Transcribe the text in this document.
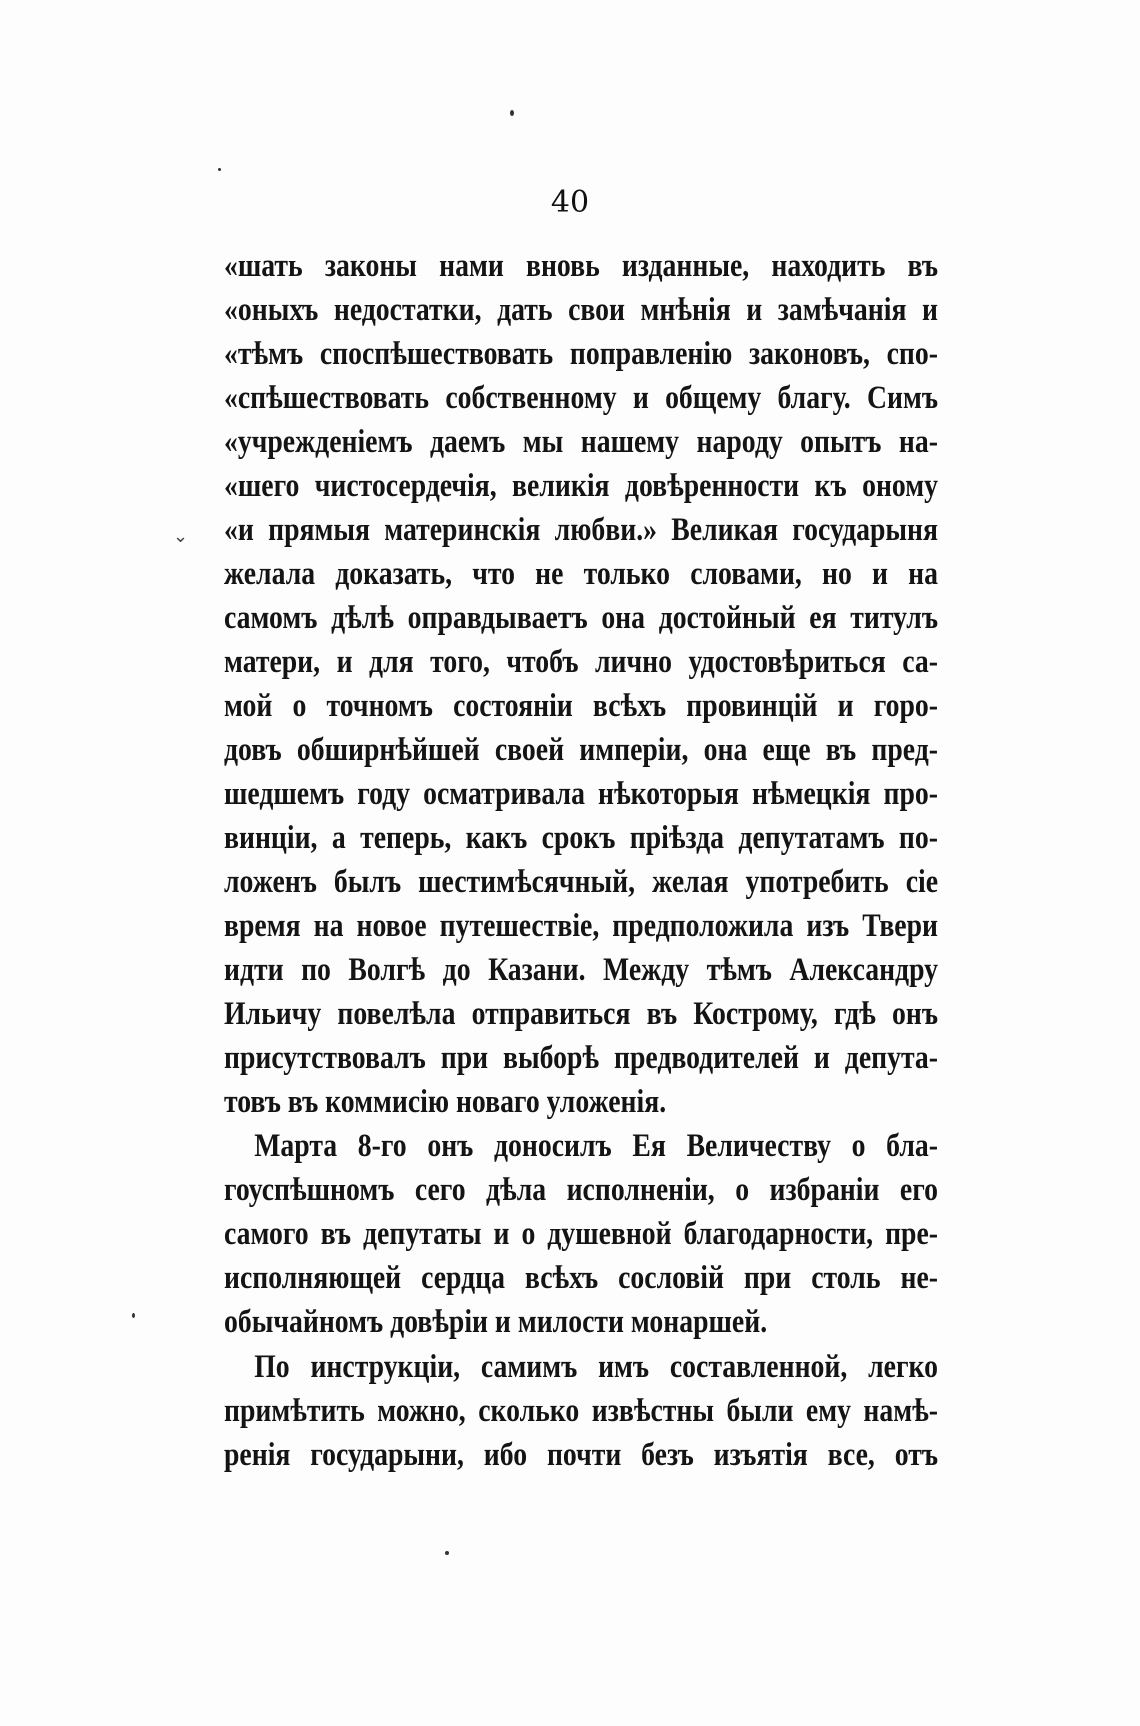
⌄
40
«шать законы нами вновь изданные, находить въ
«оныхъ недостатки, дать свои мнѣнія и замѣчанія и
«тѣмъ споспѣшествовать поправленію законовъ, спо-
«спѣшествовать собственному и общему благу. Симъ
«учрежденіемъ даемъ мы нашему народу опытъ на-
«шего чистосердечія, великія довѣренности къ оному
«и прямыя материнскія любви.» Великая государыня
желала доказать, что не только словами, но и на
самомъ дѣлѣ оправдываетъ она достойный ея титулъ
матери, и для того, чтобъ лично удостовѣриться са-
мой о точномъ состояніи всѣхъ провинцій и горо-
довъ обширнѣйшей своей имперіи, она еще въ пред-
шедшемъ году осматривала нѣкоторыя нѣмецкія про-
винціи, а теперь, какъ срокъ пріѣзда депутатамъ по-
ложенъ былъ шестимѣсячный, желая употребить сіе
время на новое путешествіе, предположила изъ Твери
идти по Волгѣ до Казани. Между тѣмъ Александру
Ильичу повелѣла отправиться въ Кострому, гдѣ онъ
присутствовалъ при выборѣ предводителей и депута-
товъ въ коммисію новаго уложенія.
Марта 8-го онъ доносилъ Ея Величеству о бла-
гоуспѣшномъ сего дѣла исполненіи, о избраніи его
самого въ депутаты и о душевной благодарности, пре-
исполняющей сердца всѣхъ сословій при столь не-
обычайномъ довѣріи и милости монаршей.
По инструкціи, самимъ имъ составленной, легко
примѣтить можно, сколько извѣстны были ему намѣ-
ренія государыни, ибо почти безъ изъятія все, отъ
